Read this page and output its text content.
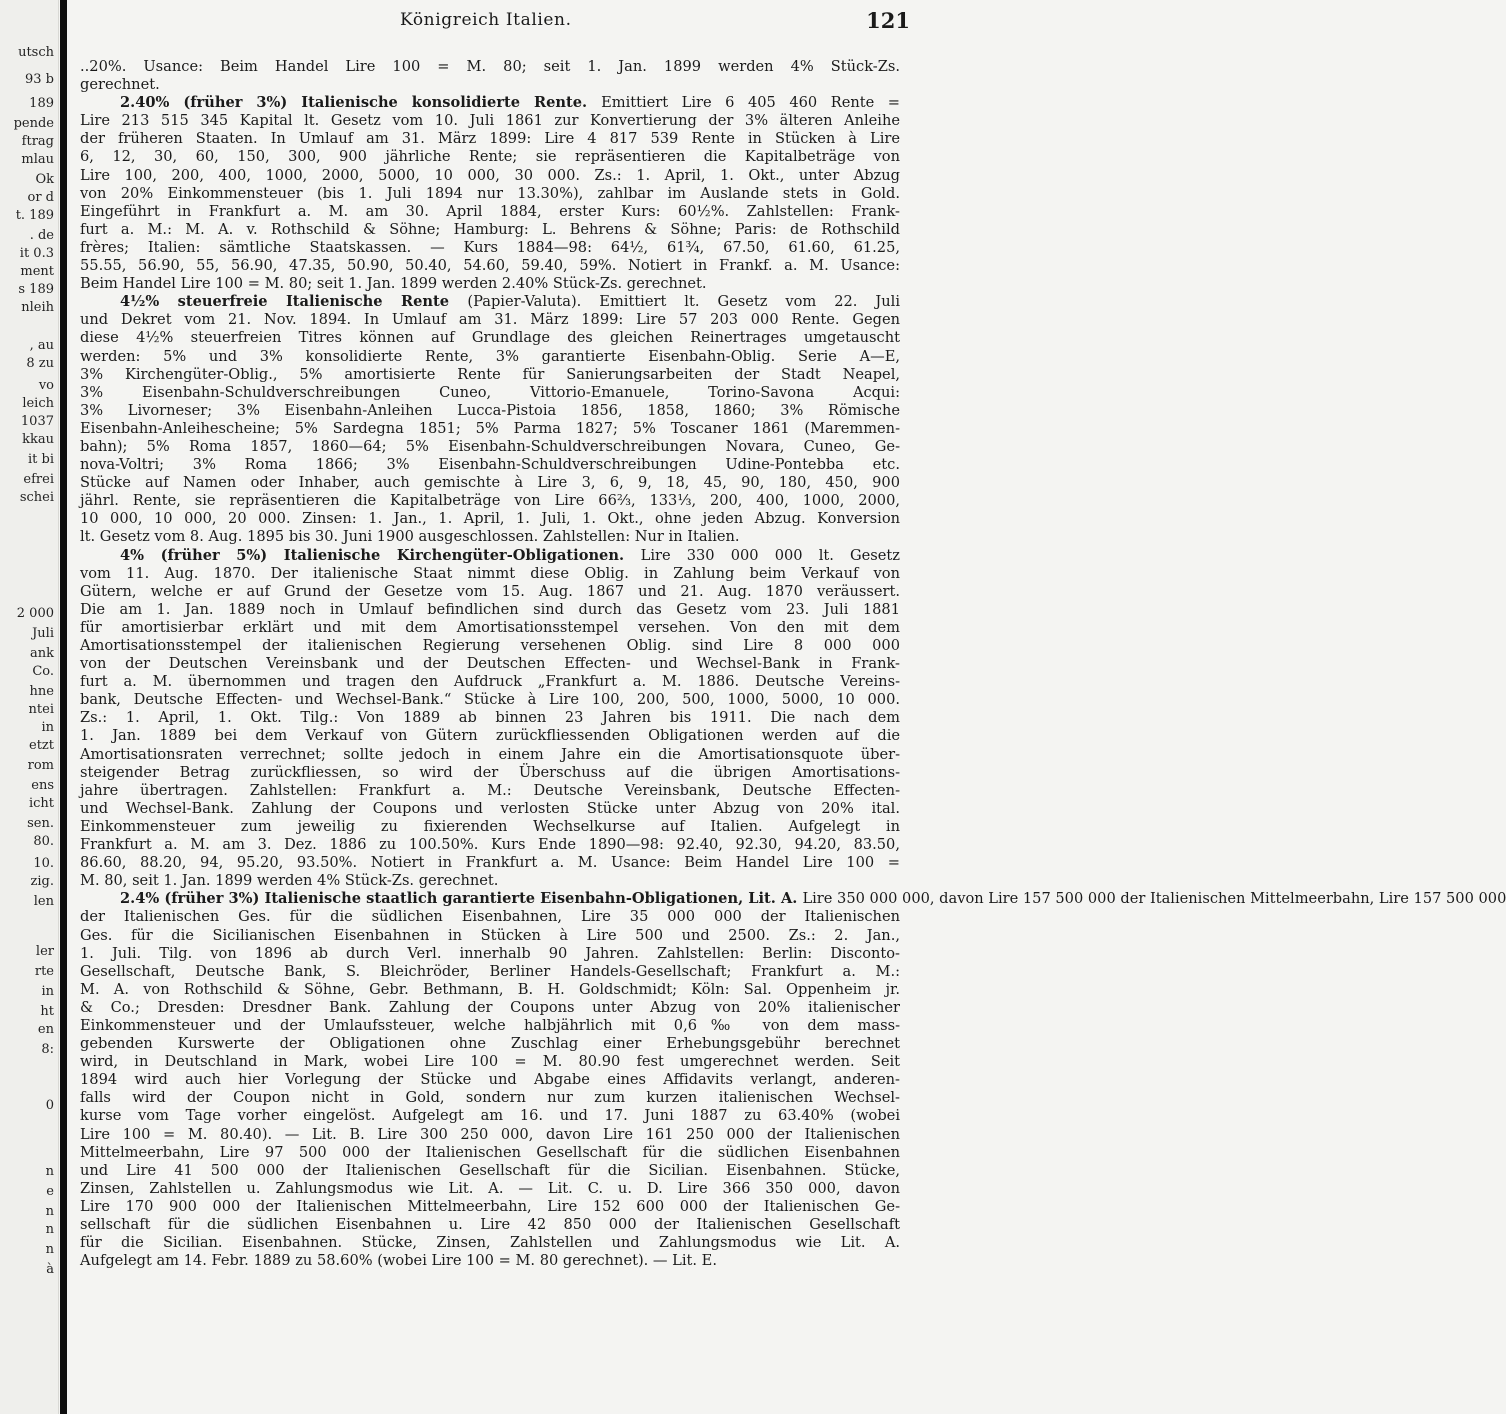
utsch
93 b
189
pende
ftrag
mlau
Ok
or d
t. 189
. de
it 0.3
ment
s 189
nleih
, au
8 zu
vo
leich
1037
kkau
it bi
efrei
schei
2 000
Juli
ank
Co.
hne
ntei
in
etzt
rom
ens
icht
sen.
80.
10.
zig.
len
ler
rte
in
ht
en
8:
0
n
e
n
n
n
à
Königreich Italien.	121
..20%. Usance: Beim Handel Lire 100 = M. 80; seit 1. Jan. 1899 werden 4% Stück-Zs.
gerechnet.
2.40% (früher 3%) Italienische konsolidierte Rente. Emittiert Lire 6 405 460 Rente =
Lire 213 515 345 Kapital lt. Gesetz vom 10. Juli 1861 zur Konvertierung der 3% älteren Anleihe
der früheren Staaten. In Umlauf am 31. März 1899: Lire 4 817 539 Rente in Stücken à Lire
6, 12, 30, 60, 150, 300, 900 jährliche Rente; sie repräsentieren die Kapitalbeträge von
Lire 100, 200, 400, 1000, 2000, 5000, 10 000, 30 000. Zs.: 1. April, 1. Okt., unter Abzug
von 20% Einkommensteuer (bis 1. Juli 1894 nur 13.30%), zahlbar im Auslande stets in Gold.
Eingeführt in Frankfurt a. M. am 30. April 1884, erster Kurs: 60½%. Zahlstellen: Frank-
furt a. M.: M. A. v. Rothschild & Söhne; Hamburg: L. Behrens & Söhne; Paris: de Rothschild
frères; Italien: sämtliche Staatskassen. — Kurs 1884—98: 64½, 61¾, 67.50, 61.60, 61.25,
55.55, 56.90, 55, 56.90, 47.35, 50.90, 50.40, 54.60, 59.40, 59%. Notiert in Frankf. a. M. Usance:
Beim Handel Lire 100 = M. 80; seit 1. Jan. 1899 werden 2.40% Stück-Zs. gerechnet.
4½% steuerfreie Italienische Rente (Papier-Valuta). Emittiert lt. Gesetz vom 22. Juli
und Dekret vom 21. Nov. 1894. In Umlauf am 31. März 1899: Lire 57 203 000 Rente. Gegen
diese 4½% steuerfreien Titres können auf Grundlage des gleichen Reinertrages umgetauscht
werden: 5% und 3% konsolidierte Rente, 3% garantierte Eisenbahn-Oblig. Serie A—E,
3% Kirchengüter-Oblig., 5% amortisierte Rente für Sanierungsarbeiten der Stadt Neapel,
3% Eisenbahn-Schuldverschreibungen Cuneo, Vittorio-Emanuele, Torino-Savona Acqui:
3% Livorneser; 3% Eisenbahn-Anleihen Lucca-Pistoia 1856, 1858, 1860; 3% Römische
Eisenbahn-Anleihescheine; 5% Sardegna 1851; 5% Parma 1827; 5% Toscaner 1861 (Maremmen-
bahn); 5% Roma 1857, 1860—64; 5% Eisenbahn-Schuldverschreibungen Novara, Cuneo, Ge-
nova-Voltri; 3% Roma 1866; 3% Eisenbahn-Schuldverschreibungen Udine-Pontebba etc.
Stücke auf Namen oder Inhaber, auch gemischte à Lire 3, 6, 9, 18, 45, 90, 180, 450, 900
jährl. Rente, sie repräsentieren die Kapitalbeträge von Lire 66⅔, 133⅓, 200, 400, 1000, 2000,
10 000, 10 000, 20 000. Zinsen: 1. Jan., 1. April, 1. Juli, 1. Okt., ohne jeden Abzug. Konversion
lt. Gesetz vom 8. Aug. 1895 bis 30. Juni 1900 ausgeschlossen. Zahlstellen: Nur in Italien.
4% (früher 5%) Italienische Kirchengüter-Obligationen. Lire 330 000 000 lt. Gesetz
vom 11. Aug. 1870. Der italienische Staat nimmt diese Oblig. in Zahlung beim Verkauf von
Gütern, welche er auf Grund der Gesetze vom 15. Aug. 1867 und 21. Aug. 1870 veräussert.
Die am 1. Jan. 1889 noch in Umlauf befindlichen sind durch das Gesetz vom 23. Juli 1881
für amortisierbar erklärt und mit dem Amortisationsstempel versehen. Von den mit dem
Amortisationsstempel der italienischen Regierung versehenen Oblig. sind Lire 8 000 000
von der Deutschen Vereinsbank und der Deutschen Effecten- und Wechsel-Bank in Frank-
furt a. M. übernommen und tragen den Aufdruck „Frankfurt a. M. 1886. Deutsche Vereins-
bank, Deutsche Effecten- und Wechsel-Bank.“ Stücke à Lire 100, 200, 500, 1000, 5000, 10 000.
Zs.: 1. April, 1. Okt. Tilg.: Von 1889 ab binnen 23 Jahren bis 1911. Die nach dem
1. Jan. 1889 bei dem Verkauf von Gütern zurückfliessenden Obligationen werden auf die
Amortisationsraten verrechnet; sollte jedoch in einem Jahre ein die Amortisationsquote über-
steigender Betrag zurückfliessen, so wird der Überschuss auf die übrigen Amortisations-
jahre übertragen. Zahlstellen: Frankfurt a. M.: Deutsche Vereinsbank, Deutsche Effecten-
und Wechsel-Bank. Zahlung der Coupons und verlosten Stücke unter Abzug von 20% ital.
Einkommensteuer zum jeweilig zu fixierenden Wechselkurse auf Italien. Aufgelegt in
Frankfurt a. M. am 3. Dez. 1886 zu 100.50%. Kurs Ende 1890—98: 92.40, 92.30, 94.20, 83.50,
86.60, 88.20, 94, 95.20, 93.50%. Notiert in Frankfurt a. M. Usance: Beim Handel Lire 100 =
M. 80, seit 1. Jan. 1899 werden 4% Stück-Zs. gerechnet.
2.4% (früher 3%) Italienische staatlich garantierte Eisenbahn-Obligationen, Lit. A. Lire 350 000 000, davon Lire 157 500 000 der Italienischen Mittelmeerbahn, Lire 157 500 000
der Italienischen Ges. für die südlichen Eisenbahnen, Lire 35 000 000 der Italienischen
Ges. für die Sicilianischen Eisenbahnen in Stücken à Lire 500 und 2500. Zs.: 2. Jan.,
1. Juli. Tilg. von 1896 ab durch Verl. innerhalb 90 Jahren. Zahlstellen: Berlin: Disconto-
Gesellschaft, Deutsche Bank, S. Bleichröder, Berliner Handels-Gesellschaft; Frankfurt a. M.:
M. A. von Rothschild & Söhne, Gebr. Bethmann, B. H. Goldschmidt; Köln: Sal. Oppenheim jr.
& Co.; Dresden: Dresdner Bank. Zahlung der Coupons unter Abzug von 20% italienischer
Einkommensteuer und der Umlaufssteuer, welche halbjährlich mit 0,6‰ von dem mass-
gebenden Kurswerte der Obligationen ohne Zuschlag einer Erhebungsgebühr berechnet
wird, in Deutschland in Mark, wobei Lire 100 = M. 80.90 fest umgerechnet werden. Seit
1894 wird auch hier Vorlegung der Stücke und Abgabe eines Affidavits verlangt, anderen-
falls wird der Coupon nicht in Gold, sondern nur zum kurzen italienischen Wechsel-
kurse vom Tage vorher eingelöst. Aufgelegt am 16. und 17. Juni 1887 zu 63.40% (wobei
Lire 100 = M. 80.40). — Lit. B. Lire 300 250 000, davon Lire 161 250 000 der Italienischen
Mittelmeerbahn, Lire 97 500 000 der Italienischen Gesellschaft für die südlichen Eisenbahnen
und Lire 41 500 000 der Italienischen Gesellschaft für die Sicilian. Eisenbahnen. Stücke,
Zinsen, Zahlstellen u. Zahlungsmodus wie Lit. A. — Lit. C. u. D. Lire 366 350 000, davon
Lire 170 900 000 der Italienischen Mittelmeerbahn, Lire 152 600 000 der Italienischen Ge-
sellschaft für die südlichen Eisenbahnen u. Lire 42 850 000 der Italienischen Gesellschaft
für die Sicilian. Eisenbahnen. Stücke, Zinsen, Zahlstellen und Zahlungsmodus wie Lit. A.
Aufgelegt am 14. Febr. 1889 zu 58.60% (wobei Lire 100 = M. 80 gerechnet). — Lit. E.
